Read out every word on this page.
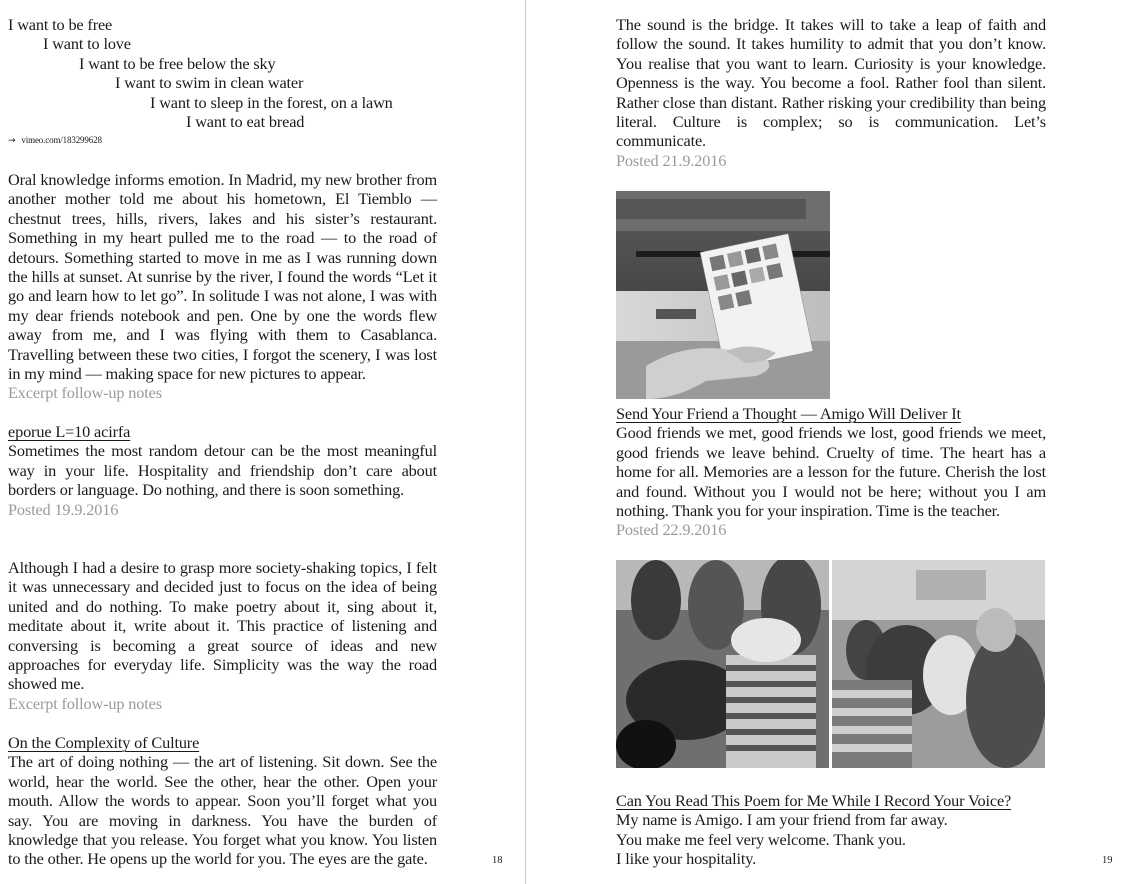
I want to be free
I want to love
I want to be free below the sky
I want to swim in clean water
I want to sleep in the forest, on a lawn
I want to eat bread
→ vimeo.com/183299628

Oral knowledge informs emotion. In Madrid, my new brother from another mother told me about his hometown, El Tiemblo — chestnut trees, hills, rivers, lakes and his sister’s restaurant. Something in my heart pulled me to the road — to the road of detours. Something started to move in me as I was running down the hills at sunset. At sunrise by the river, I found the words “Let it go and learn how to let go”. In solitude I was not alone, I was with my dear friends notebook and pen. One by one the words flew away from me, and I was flying with them to Casablanca. Travelling between these two cities, I forgot the scenery, I was lost in my mind — making space for new pictures to appear.

Excerpt follow-up notes

eporue L=10 acirfa

Sometimes the most random detour can be the most meaningful way in your life. Hospitality and friendship don’t care about borders or language. Do nothing, and there is soon something.

Posted 19.9.2016

Although I had a desire to grasp more society-shaking topics, I felt it was unnecessary and decided just to focus on the idea of being united and do nothing. To make poetry about it, sing about it, meditate about it, write about it. This practice of listening and conversing is becoming a great source of ideas and new approaches for everyday life. Simplicity was the way the road showed me.

Excerpt follow-up notes

On the Complexity of Culture

The art of doing nothing — the art of listening. Sit down. See the world, hear the world. See the other, hear the other. Open your mouth. Allow the words to appear. Soon you’ll forget what you say. You are moving in darkness. You have the burden of knowledge that you release. You forget what you know. You listen to the other. He opens up the world for you. The eyes are the gate.	18

The sound is the bridge. It takes will to take a leap of faith and follow the sound. It takes humility to admit that you don’t know. You realise that you want to learn. Curiosity is your knowledge. Openness is the way. You become a fool. Rather fool than silent. Rather close than distant. Rather risking your credibility than being literal. Culture is complex; so is communication. Let’s communicate.

Posted 21.9.2016

Send Your Friend a Thought — Amigo Will Deliver It

Good friends we met, good friends we lost, good friends we meet, good friends we leave behind. Cruelty of time. The heart has a home for all. Memories are a lesson for the future. Cherish the lost and found. Without you I would not be here; without you I am nothing. Thank you for your inspiration. Time is the teacher.

Posted 22.9.2016

Can You Read This Poem for Me While I Record Your Voice?

My name is Amigo. I am your friend from far away.
You make me feel very welcome. Thank you.
I like your hospitality.	19
